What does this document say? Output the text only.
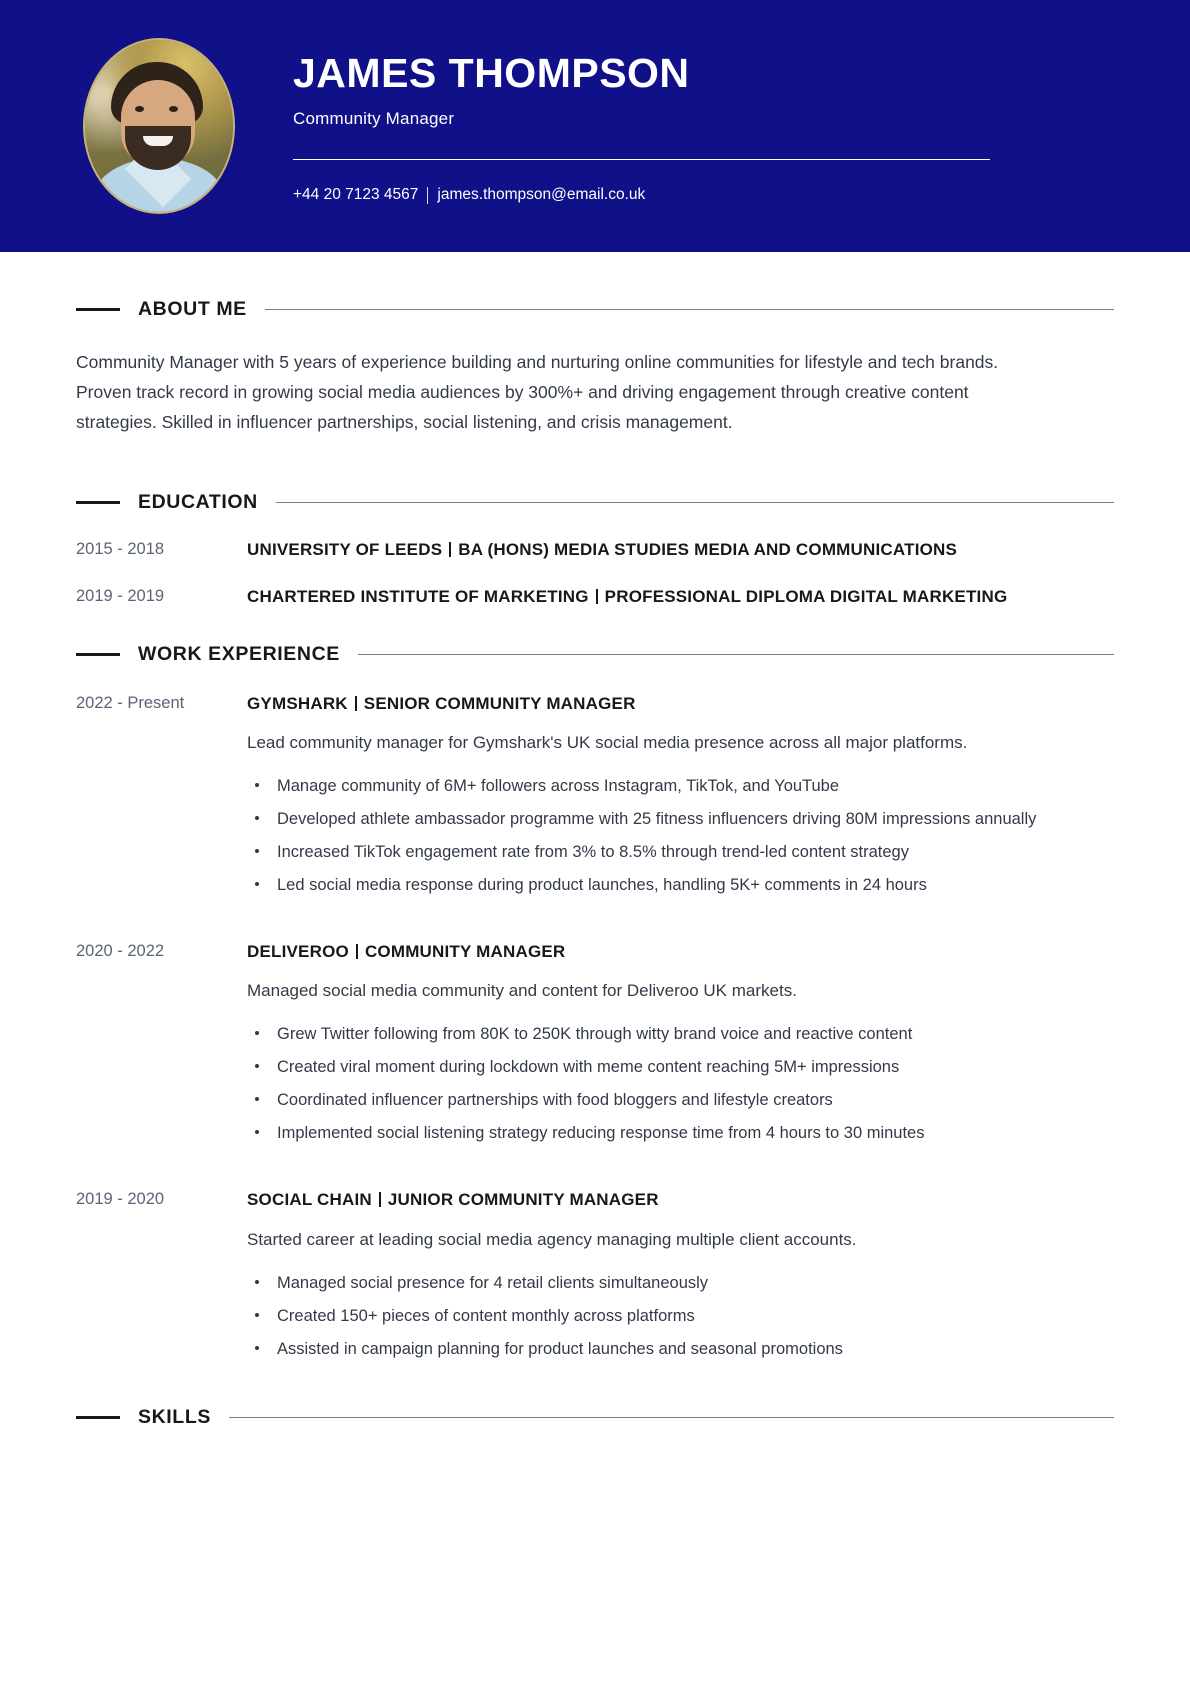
JAMES THOMPSON

Community Manager

+44 20 7123 4567 james.thompson@email.co.uk
ABOUT ME

Community Manager with 5 years of experience building and nurturing online communities for lifestyle and tech brands. Proven track record in growing social media audiences by 300%+ and driving engagement through creative content strategies. Skilled in influencer partnerships, social listening, and crisis management.

EDUCATION
2015 - 2018	UNIVERSITY OF LEEDS BA (HONS) MEDIA STUDIES MEDIA AND COMMUNICATIONS
2019 - 2019	CHARTERED INSTITUTE OF MARKETING PROFESSIONAL DIPLOMA DIGITAL MARKETING
WORK EXPERIENCE
2022 - Present	GYMSHARK SENIOR COMMUNITY MANAGER
Lead community manager for Gymshark's UK social media presence across all major platforms.
Manage community of 6M+ followers across Instagram, TikTok, and YouTube
Developed athlete ambassador programme with 25 fitness influencers driving 80M impressions annually
Increased TikTok engagement rate from 3% to 8.5% through trend-led content strategy
Led social media response during product launches, handling 5K+ comments in 24 hours
2020 - 2022	DELIVEROO COMMUNITY MANAGER
Managed social media community and content for Deliveroo UK markets.
Grew Twitter following from 80K to 250K through witty brand voice and reactive content
Created viral moment during lockdown with meme content reaching 5M+ impressions
Coordinated influencer partnerships with food bloggers and lifestyle creators
Implemented social listening strategy reducing response time from 4 hours to 30 minutes
2019 - 2020	SOCIAL CHAIN JUNIOR COMMUNITY MANAGER
Started career at leading social media agency managing multiple client accounts.
Managed social presence for 4 retail clients simultaneously
Created 150+ pieces of content monthly across platforms
Assisted in campaign planning for product launches and seasonal promotions
SKILLS
